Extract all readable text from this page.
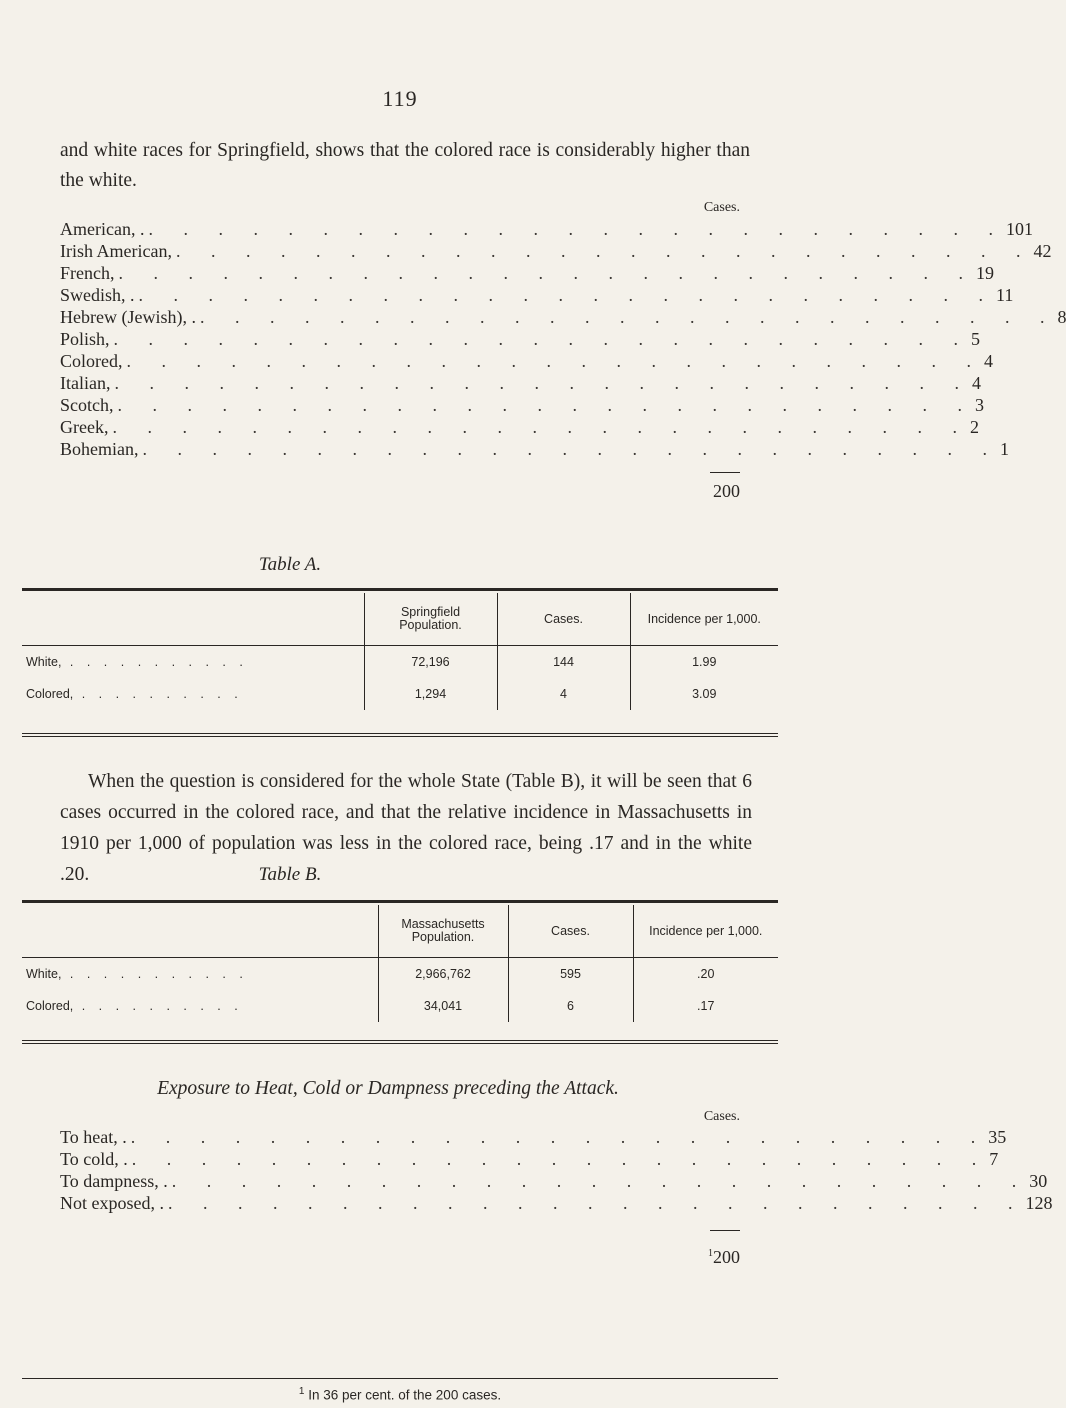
119
and white races for Springfield, shows that the colored race is considerably higher than the white.
Cases.
American, . . . . . . . . . . . . . . . . . . . . . . . . . . 101
Irish American, . . . . . . . . . . . . . . . . . . . . . . . . . 42
French, . . . . . . . . . . . . . . . . . . . . . . . . . 19
Swedish, . . . . . . . . . . . . . . . . . . . . . . . . . . 11
Hebrew (Jewish), . . . . . . . . . . . . . . . . . . . . . . . . . . 8
Polish, . . . . . . . . . . . . . . . . . . . . . . . . . 5
Colored, . . . . . . . . . . . . . . . . . . . . . . . . . 4
Italian, . . . . . . . . . . . . . . . . . . . . . . . . . 4
Scotch, . . . . . . . . . . . . . . . . . . . . . . . . . 3
Greek, . . . . . . . . . . . . . . . . . . . . . . . . . 2
Bohemian, . . . . . . . . . . . . . . . . . . . . . . . . . 1
200
Table A.
	Springfield Population.	Cases.	Incidence per 1,000.
White, . . . . . . . . . . .	72,196	144	1.99
Colored, . . . . . . . . . .	1,294	4	3.09
When the question is considered for the whole State (Table B), it will be seen that 6 cases occurred in the colored race, and that the relative incidence in Massachusetts in 1910 per 1,000 of population was less in the colored race, being .17 and in the white .20.	Table B.
	Massachusetts Population.	Cases.	Incidence per 1,000.
White, . . . . . . . . . . .	2,966,762	595	.20
Colored, . . . . . . . . . .	34,041	6	.17
Exposure to Heat, Cold or Dampness preceding the Attack.
Cases.
To heat, . . . . . . . . . . . . . . . . . . . . . . . . . . 35
To cold, . . . . . . . . . . . . . . . . . . . . . . . . . . 7
To dampness, . . . . . . . . . . . . . . . . . . . . . . . . . . 30
Not exposed, . . . . . . . . . . . . . . . . . . . . . . . . . . 128
$^1$200
$^1$ In 36 per cent. of the 200 cases.
